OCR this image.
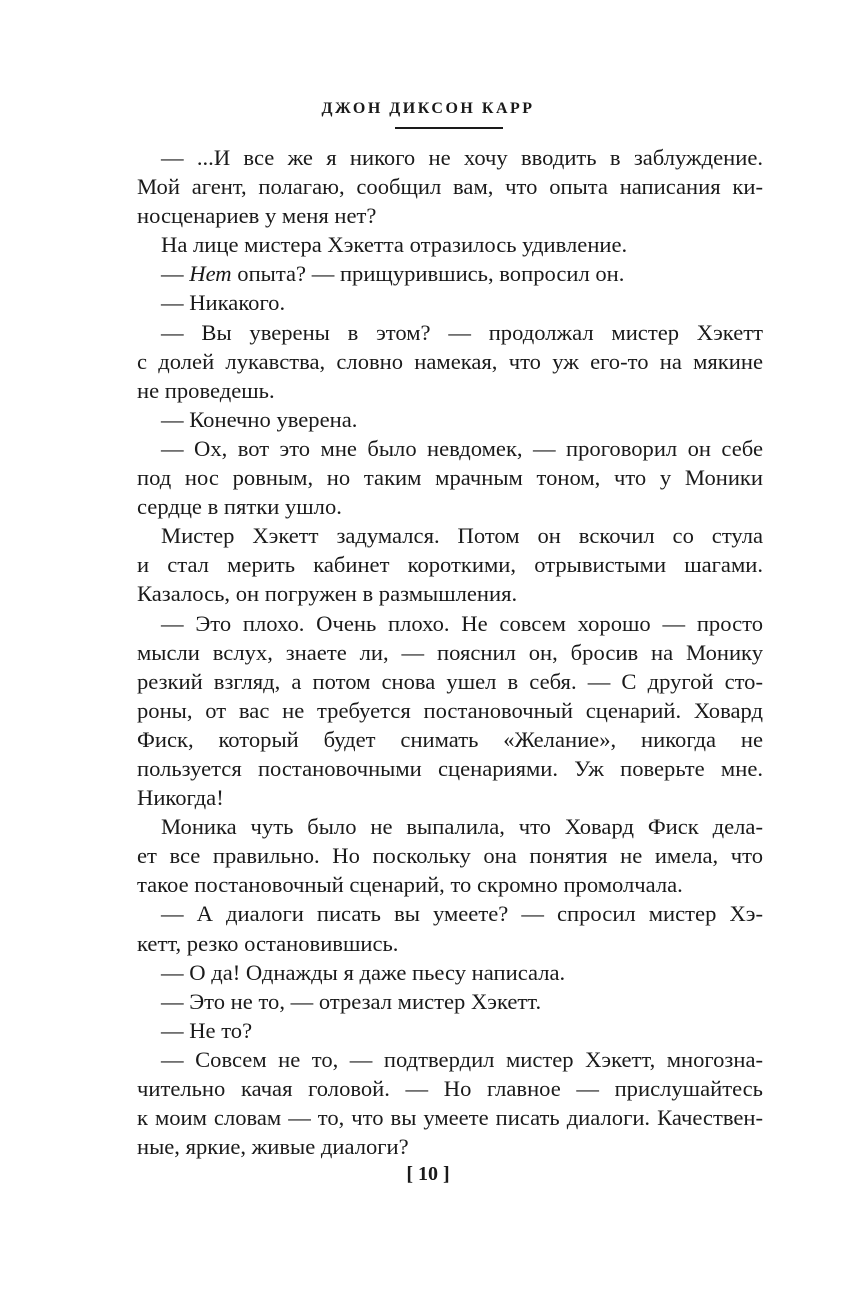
ДЖОН ДИКСОН КАРР
— ...И все же я никого не хочу вводить в заблуждение.
Мой агент, полагаю, сообщил вам, что опыта написания ки-
носценариев у меня нет?
На лице мистера Хэкетта отразилось удивление.
— Нет опыта? — прищурившись, вопросил он.
— Никакого.
— Вы уверены в этом? — продолжал мистер Хэкетт
с долей лукавства, словно намекая, что уж его-то на мякине
не проведешь.
— Конечно уверена.
— Ох, вот это мне было невдомек, — проговорил он себе
под нос ровным, но таким мрачным тоном, что у Моники
сердце в пятки ушло.
Мистер Хэкетт задумался. Потом он вскочил со стула
и стал мерить кабинет короткими, отрывистыми шагами.
Казалось, он погружен в размышления.
— Это плохо. Очень плохо. Не совсем хорошо — просто
мысли вслух, знаете ли, — пояснил он, бросив на Монику
резкий взгляд, а потом снова ушел в себя. — С другой сто-
роны, от вас не требуется постановочный сценарий. Ховард
Фиск, который будет снимать «Желание», никогда не
пользуется постановочными сценариями. Уж поверьте мне.
Никогда!
Моника чуть было не выпалила, что Ховард Фиск дела-
ет все правильно. Но поскольку она понятия не имела, что
такое постановочный сценарий, то скромно промолчала.
— А диалоги писать вы умеете? — спросил мистер Хэ-
кетт, резко остановившись.
— О да! Однажды я даже пьесу написала.
— Это не то, — отрезал мистер Хэкетт.
— Не то?
— Совсем не то, — подтвердил мистер Хэкетт, многозна-
чительно качая головой. — Но главное — прислушайтесь
к моим словам — то, что вы умеете писать диалоги. Качествен-
ные, яркие, живые диалоги?
[ 10 ]
